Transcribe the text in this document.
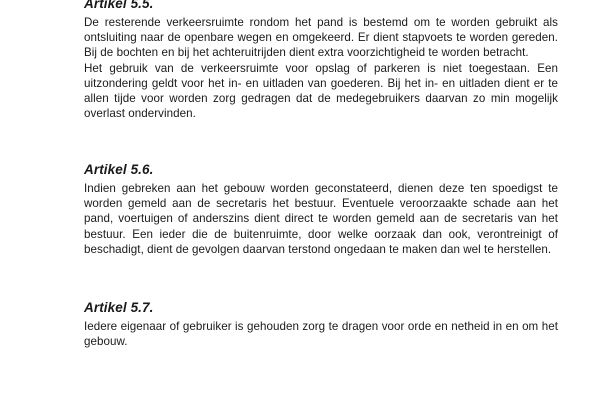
Artikel 5.5.

De resterende verkeersruimte rondom het pand is bestemd om te worden gebruikt als ontsluiting naar de openbare wegen en omgekeerd. Er dient stapvoets te worden gereden. Bij de bochten en bij het achteruitrijden dient extra voorzichtigheid te worden betracht.

Het gebruik van de verkeersruimte voor opslag of parkeren is niet toegestaan. Een uitzondering geldt voor het in- en uitladen van goederen. Bij het in- en uitladen dient er te allen tijde voor worden zorg gedragen dat de medegebruikers daarvan zo min mogelijk overlast ondervinden.

Artikel 5.6.

Indien gebreken aan het gebouw worden geconstateerd, dienen deze ten spoedigst te worden gemeld aan de secretaris het bestuur. Eventuele veroorzaakte schade aan het pand, voertuigen of anderszins dient direct te worden gemeld aan de secretaris van het bestuur. Een ieder die de buitenruimte, door welke oorzaak dan ook, verontreinigt of beschadigt, dient de gevolgen daarvan terstond ongedaan te maken dan wel te herstellen.

Artikel 5.7.

Iedere eigenaar of gebruiker is gehouden zorg te dragen voor orde en netheid in en om het gebouw.
